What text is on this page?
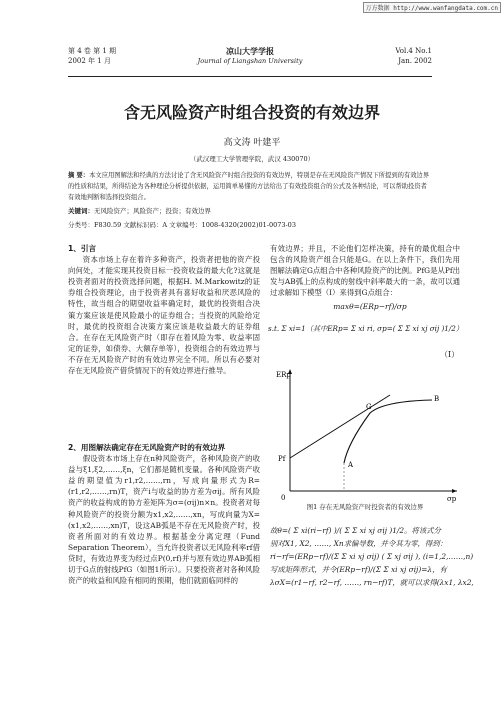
万方数据 http://www.wanfangdata.com.cn
第 4 卷 第 1 期
2002 年 1 月
凉山大学学报
Journal of Liangshan University
Vol.4 No.1
Jan. 2002
含无风险资产时组合投资的有效边界
高文涛 叶建平
（武汉理工大学管理学院，武汉 430070）
摘 要：本文应用图解法和经典的方法讨论了含无风险资产时组合投资的有效边界，特别是存在无风险资产情况下所提到的有效边界的性质和结果，所得结论为各种理论分析提供依据，运用简单易懂的方法给出了有效投资组合的公式及各种结论，可以帮助投资者有效地判断和选择投资组合。
关键词：无风险资产；风险资产；投资；有效边界
分类号：F830.59 文献标识码：A 文章编号：1008-4320(2002)01-0073-03
1、引言

资本市场上存在着许多种资产，投资者把他的资产投向何处，才能实现其投资目标一投资收益的最大化?这就是投资者面对的投资选择问题，根据H. M.Markowitz的证券组合投资理论，由于投资者具有喜好收益和厌恶风险的特性，故当组合的期望收益率确定时，最优的投资组合决策方案应该是使风险最小的证券组合；当投资的风险给定时，最优的投资组合决策方案应该是收益最大的证券组合。在存在无风险资产时（即存在着风险为零、收益率固定的证券，如债券、大额存单等），投资组合的有效边界与不存在无风险资产时的有效边界完全不同。所以有必要对存在无风险资产借贷情况下的有效边界进行推导。

2、用图解法确定存在无风险资产时的有效边界

假设资本市场上存在n种风险资产，各种风险资产的收益与ξ1,ξ2,……,ξn，它们都是随机变量。各种风险资产收益的期望值为r1,r2,……,rn，写成向量形式为R=(r1,r2,……,rn)T，资产i与收益的协方差为σij。所有风险资产的收益构成的协方差矩阵为σ=(σij)n×n。投资者对每种风险资产的投资分额为x1,x2,……,xn，写成向量为X=(x1,x2,……,xn)T，设这AB弧是不存在无风险资产时，投资者所面对的有效边界。根据基金分离定理（Fund Separation Theorem），当允许投资者以无风险利率rf借贷时，有效边界变为经过点P(0,rf)并与原有效边界AB弧相切于G点的射线PfG（如图1所示）。只要投资者对各种风险资产的收益和风险有相同的预期，他们就面临同样的

有效边界；并且，不论他们怎样决策，持有的最优组合中包含的风险资产组合只能是G。在以上条件下，我们先用图解法确定G点组合中各种风险资产的比例。PfG是从Pf出发与AB弧上的点构成的射线中斜率最大的一条，故可以通过求解如下模型（Ⅰ）来得到G点组合：

maxθ=(ERp−rf)/σp
s.t. Σ xi=1（其中ERp= Σ xi ri, σp=( Σ Σ xi xj σij )1/2）
（Ⅰ）
ERp
σp
0
Pf
A
G
B
图1 存在无风险资产时投资者的有效边界
故θ=( Σ xi(ri−rf) )/( Σ Σ xi xj σij )1/2。将该式分
别对X1, X2, ……, Xn求偏导数，并令其为零，得到：
ri−rf=(ERp−rf)/(Σ Σ xi xj σij) ( Σ xj σij ), (i=1,2,……,n)
写成矩阵形式，并令(ERp−rf)/(Σ Σ xi xj σij)=λ，有
λσX=(r1−rf, r2−rf, ……, rn−rf)T，就可以求得(λx1, λx2,
